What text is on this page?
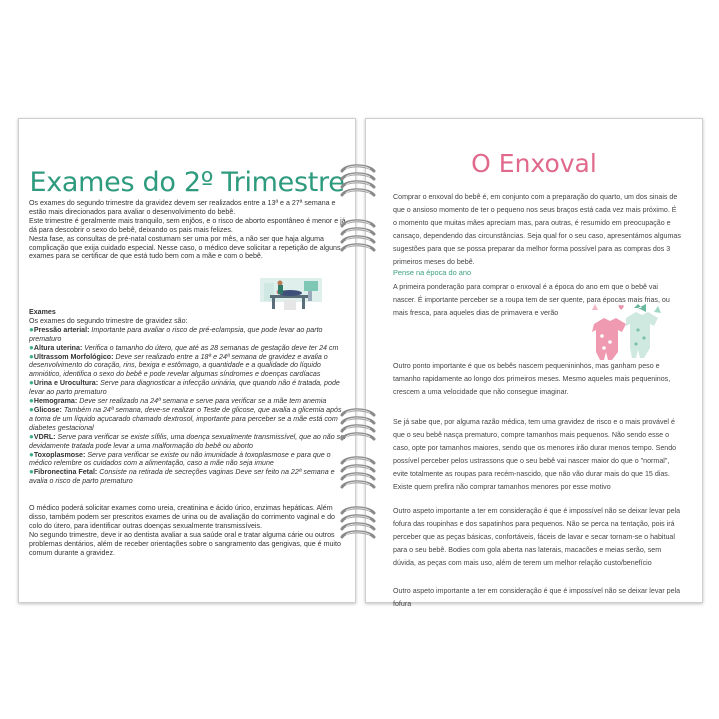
Exames do 2º Trimestre

Os exames do segundo trimestre da gravidez devem ser realizados entre a 13ª e a 27ª semana e estão mais direcionados para avaliar o desenvolvimento do bebê.

Este trimestre é geralmente mais tranquilo, sem enjôos, e o risco de aborto espontâneo é menor e já dá para descobrir o sexo do bebê, deixando os pais mais felizes.

Nesta fase, as consultas de pré-natal costumam ser uma por mês, a não ser que haja alguma complicação que exija cuidado especial. Nesse caso, o médico deve solicitar a repetição de alguns exames para se certificar de que está tudo bem com a mãe e com o bebê.

Exames

Os exames do segundo trimestre de gravidez são:

●Pressão arterial: Importante para avaliar o risco de pré-eclampsia, que pode levar ao parto prematuro

●Altura uterina: Verifica o tamanho do útero, que até as 28 semanas de gestação deve ter 24 cm

●Ultrassom Morfológico: Deve ser realizado entre a 18ª e 24ª semana de gravidez e avalia o desenvolvimento do coração, rins, bexiga e estômago, a quantidade e a qualidade do líquido amniótico, identifica o sexo do bebê e pode revelar algumas síndromes e doenças cardíacas

●Urina e Urocultura: Serve para diagnosticar a infecção urinária, que quando não é tratada, pode levar ao parto prematuro

●Hemograma: Deve ser realizado na 24ª semana e serve para verificar se a mãe tem anemia

●Glicose: Também na 24ª semana, deve-se realizar o Teste de glicose, que avalia a glicemia após a toma de um líquido açucarado chamado dextrosol, importante para perceber se a mãe está com diabetes gestacional

●VDRL: Serve para verificar se existe sífilis, uma doença sexualmente transmissível, que ao não ser devidamente tratada pode levar a uma malformação do bebê ou aborto

●Toxoplasmose: Serve para verificar se existe ou não imunidade à toxoplasmose e para que o médico relembre os cuidados com a alimentação, caso a mãe não seja imune

●Fibronectina Fetal: Consiste na retirada de secreções vaginas Deve ser feito na 22ª semana e avalia o risco de parto prematuro

O médico poderá solicitar exames como ureia, creatinina e ácido úrico, enzimas hepáticas. Além disso, também podem ser prescritos exames de urina ou de avaliação do corrimento vaginal e do colo do útero, para identificar outras doenças sexualmente transmissíveis.

No segundo trimestre, deve ir ao dentista avaliar a sua saúde oral e tratar alguma cárie ou outros problemas dentários, além de receber orientações sobre o sangramento das gengivas, que é muito comum durante a gravidez.

O Enxoval
Comprar o enxoval do bebê é, em conjunto com a preparação do quarto, um dos sinais de que o ansioso momento de ter o pequeno nos seus braços está cada vez mais próximo. É o momento que muitas mães apreciam mas, para outras, é resumido em preocupação e cansaço, dependendo das circunstâncias. Seja qual for o seu caso, apresentámos algumas sugestões para que se possa preparar da melhor forma possível para as compras dos 3 primeiros meses do bebê.
Pense na época do ano
A primeira ponderação para comprar o enxoval é a época do ano em que o bebê vai nascer. É importante perceber se a roupa tem de ser quente, para épocas mais frias, ou mais fresca, para aqueles dias de primavera e verão
♥
Outro ponto importante é que os bebês nascem pequenininhos, mas ganham peso e tamanho rapidamente ao longo dos primeiros meses. Mesmo aqueles mais pequeninos, crescem a uma velocidade que não consegue imaginar.
Se já sabe que, por alguma razão médica, tem uma gravidez de risco e o mais provável é que o seu bebê nasça prematuro, compre tamanhos mais pequenos. Não sendo esse o caso, opte por tamanhos maiores, sendo que os menores irão durar menos tempo. Sendo possível perceber pelos ustrassons que o seu bebê vai nascer maior do que o "normal", evite totalmente as roupas para recém-nascido, que não vão durar mais do que 15 dias. Existe quem prefira não comprar tamanhos menores por esse motivo
Outro aspeto importante a ter em consideração é que é impossível não se deixar levar pela fofura das roupinhas e dos sapatinhos para pequenos. Não se perca na tentação, pois irá perceber que as peças básicas, confortáveis, fáceis de lavar e secar tornam-se o habitual para o seu bebê. Bodies com gola aberta nas laterais, macacões e meias serão, sem dúvida, as peças com mais uso, além de terem um melhor relação custo/benefício
Outro aspeto importante a ter em consideração é que é impossível não se deixar levar pela fofura
